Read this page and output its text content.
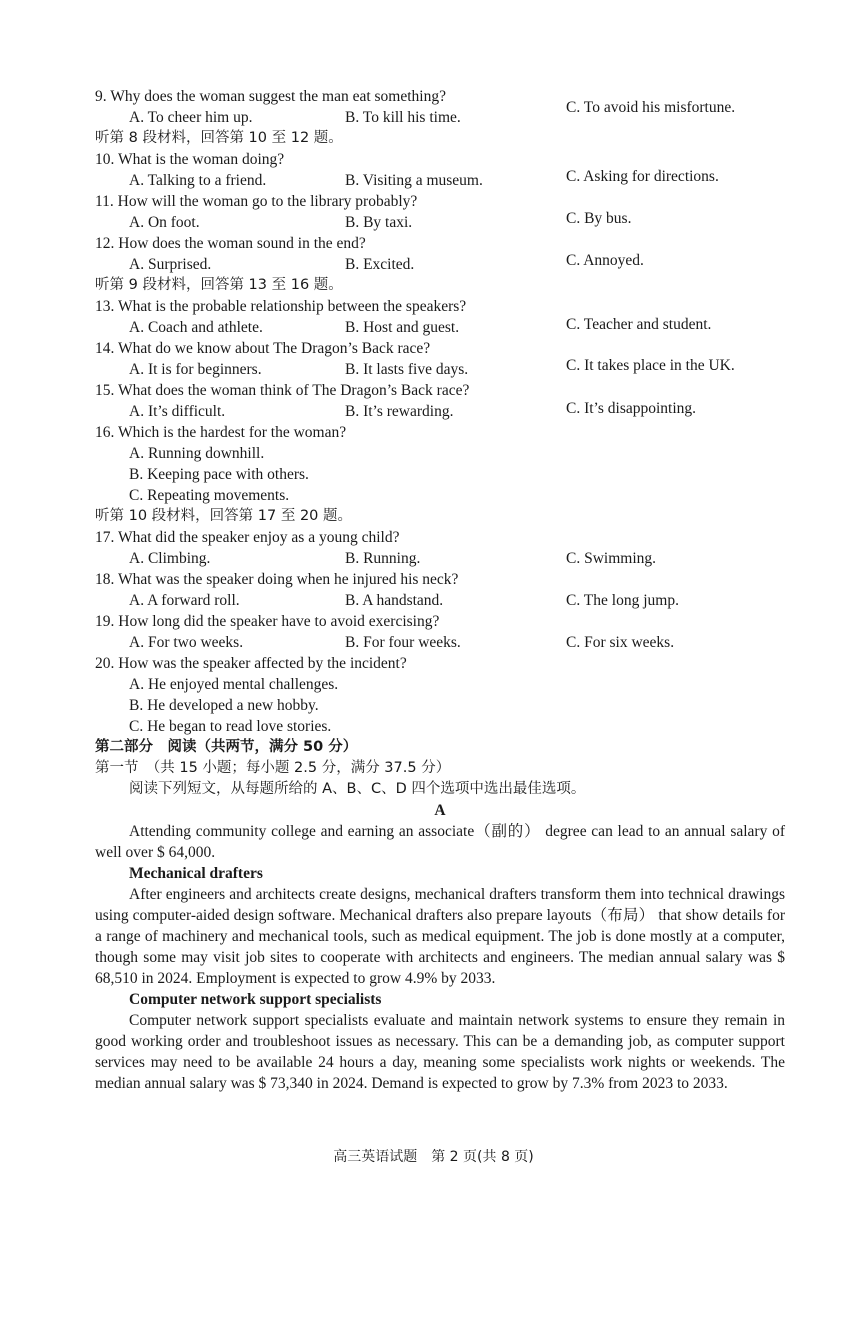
9. Why does the woman suggest the man eat something?
A. To cheer him up.	B. To kill his time.
C. To avoid his misfortune.
听第 8 段材料，回答第 10 至 12 题。
10. What is the woman doing?
A. Talking to a friend.	B. Visiting a museum.	C. Asking for directions.
11. How will the woman go to the library probably?
A. On foot.	B. By taxi.	C. By bus.
12. How does the woman sound in the end?
A. Surprised.	B. Excited.	C. Annoyed.
听第 9 段材料，回答第 13 至 16 题。
13. What is the probable relationship between the speakers?
A. Coach and athlete.	B. Host and guest.	C. Teacher and student.
14. What do we know about The Dragon’s Back race?
A. It is for beginners.	B. It lasts five days.	C. It takes place in the UK.
15. What does the woman think of The Dragon’s Back race?
A. It’s difficult.	B. It’s rewarding.	C. It’s disappointing.
16. Which is the hardest for the woman?
A. Running downhill.
B. Keeping pace with others.
C. Repeating movements.
听第 10 段材料，回答第 17 至 20 题。
17. What did the speaker enjoy as a young child?
A. Climbing.	B. Running.	C. Swimming.
18. What was the speaker doing when he injured his neck?
A. A forward roll.	B. A handstand.	C. The long jump.
19. How long did the speaker have to avoid exercising?
A. For two weeks.	B. For four weeks.	C. For six weeks.
20. How was the speaker affected by the incident?
A. He enjoyed mental challenges.
B. He developed a new hobby.
C. He began to read love stories.
第二部分　阅读（共两节，满分 50 分）
第一节　（共 15 小题；每小题 2.5 分，满分 37.5 分）
阅读下列短文，从每题所给的 A、B、C、D 四个选项中选出最佳选项。
A
Attending community college and earning an associate（副的） degree can lead to an annual salary of well over $ 64,000.
Mechanical drafters
After engineers and architects create designs, mechanical drafters transform them into technical drawings using computer-aided design software. Mechanical drafters also prepare layouts（布局） that show details for a range of machinery and mechanical tools, such as medical equipment. The job is done mostly at a computer, though some may visit job sites to cooperate with architects and engineers. The median annual salary was $ 68,510 in 2024. Employment is expected to grow 4.9% by 2033.
Computer network support specialists
Computer network support specialists evaluate and maintain network systems to ensure they remain in good working order and troubleshoot issues as necessary. This can be a demanding job, as computer support services may need to be available 24 hours a day, meaning some specialists work nights or weekends. The median annual salary was $ 73,340 in 2024. Demand is expected to grow by 7.3% from 2023 to 2033.
高三英语试题　第 2 页(共 8 页)
